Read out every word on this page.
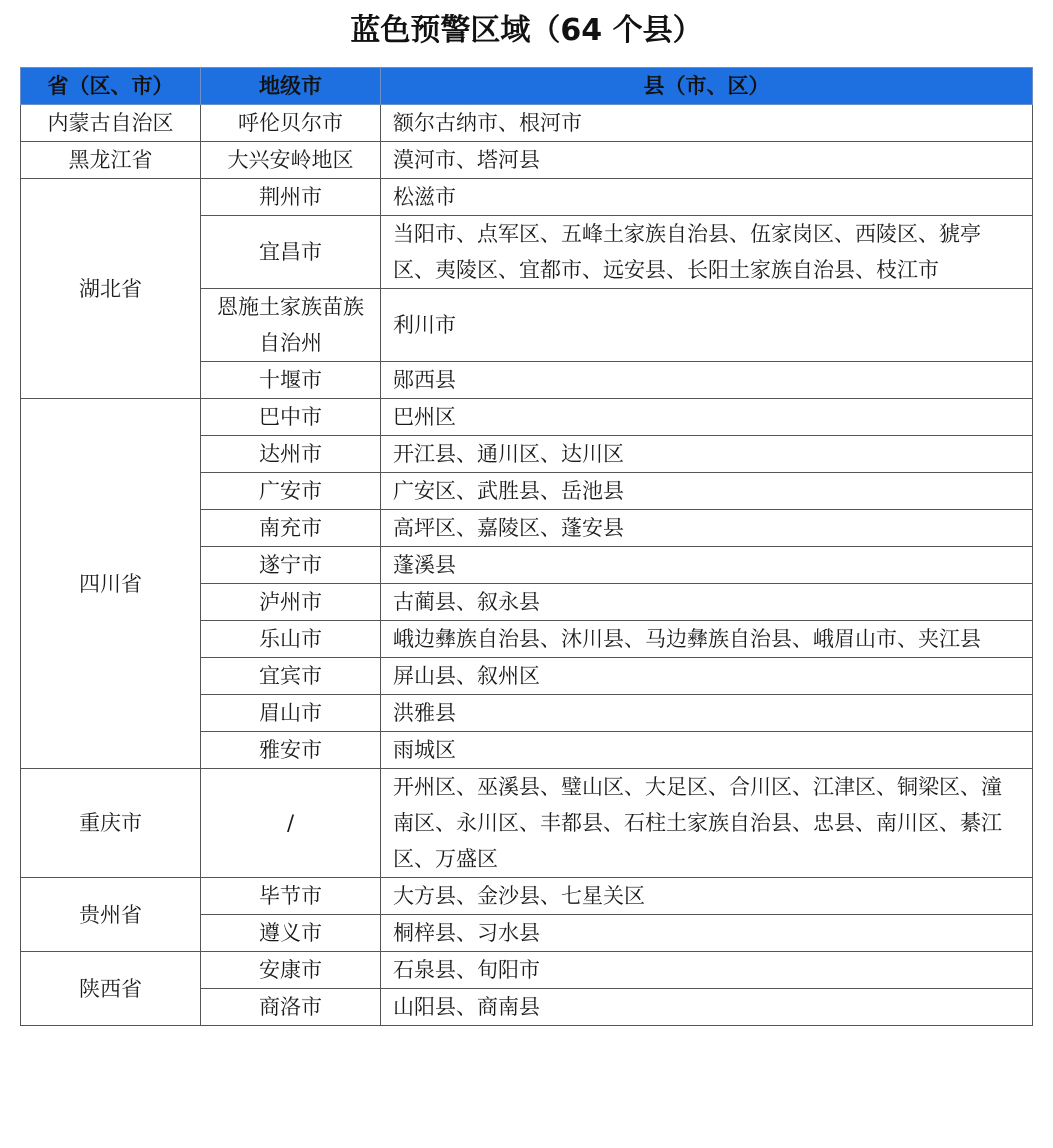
蓝色预警区域（64 个县）
省（区、市）	地级市	县（市、区）
内蒙古自治区	呼伦贝尔市	额尔古纳市、根河市
黑龙江省	大兴安岭地区	漠河市、塔河县
湖北省	荆州市	松滋市
	宜昌市	当阳市、点军区、五峰土家族自治县、伍家岗区、西陵区、猇亭区、夷陵区、宜都市、远安县、长阳土家族自治县、枝江市
	恩施土家族苗族自治州	利川市
	十堰市	郧西县
四川省	巴中市	巴州区
	达州市	开江县、通川区、达川区
	广安市	广安区、武胜县、岳池县
	南充市	高坪区、嘉陵区、蓬安县
	遂宁市	蓬溪县
	泸州市	古蔺县、叙永县
	乐山市	峨边彝族自治县、沐川县、马边彝族自治县、峨眉山市、夹江县
	宜宾市	屏山县、叙州区
	眉山市	洪雅县
	雅安市	雨城区
重庆市	/	开州区、巫溪县、璧山区、大足区、合川区、江津区、铜梁区、潼南区、永川区、丰都县、石柱土家族自治县、忠县、南川区、綦江区、万盛区
贵州省	毕节市	大方县、金沙县、七星关区
	遵义市	桐梓县、习水县
陕西省	安康市	石泉县、旬阳市
	商洛市	山阳县、商南县
